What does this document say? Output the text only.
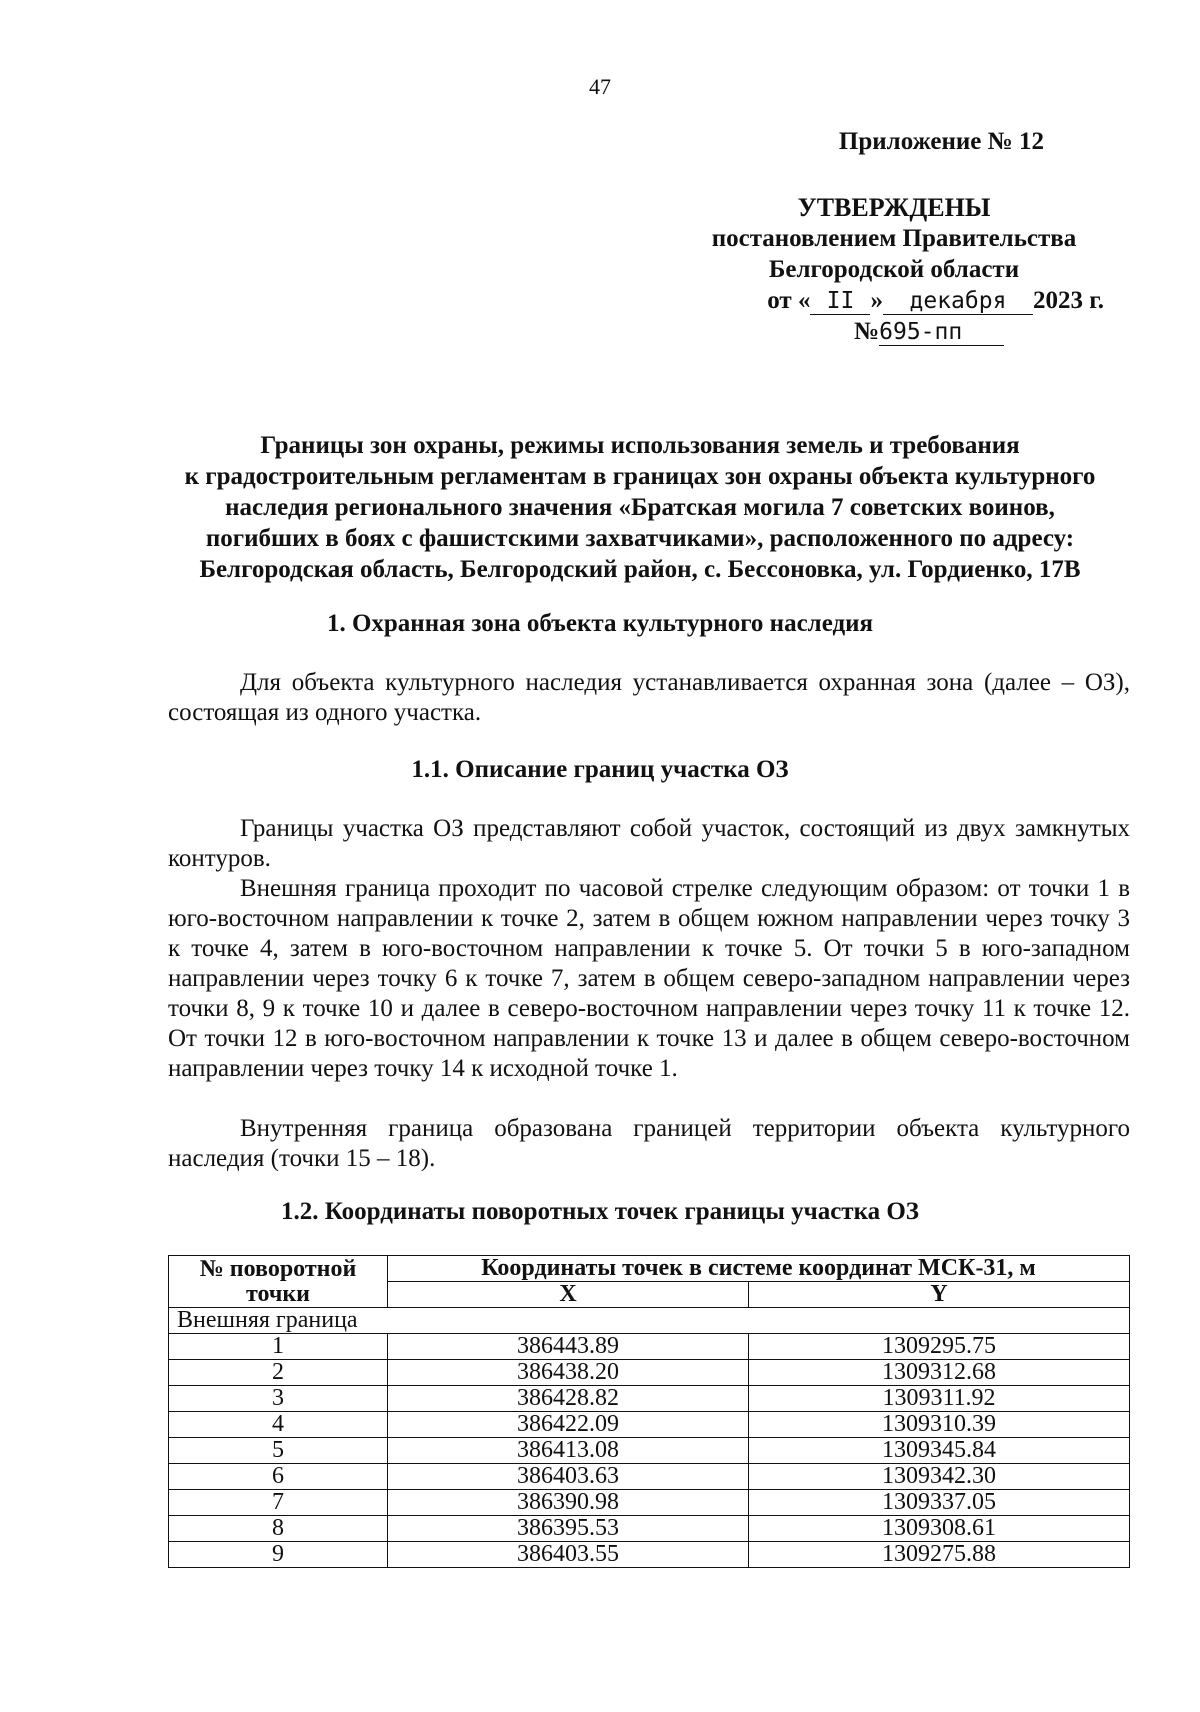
47
Приложение № 12
УТВЕРЖДЕНЫ
постановлением Правительства
Белгородской области
от « II » декабря 2023 г.
№695-пп
Границы зон охраны, режимы использования земель и требования
к градостроительным регламентам в границах зон охраны объекта культурного
наследия регионального значения «Братская могила 7 советских воинов,
погибших в боях с фашистскими захватчиками», расположенного по адресу:
Белгородская область, Белгородский район, с. Бессоновка, ул. Гордиенко, 17В
1. Охранная зона объекта культурного наследия
Для объекта культурного наследия устанавливается охранная зона (далее – ОЗ), состоящая из одного участка.
1.1. Описание границ участка ОЗ
Границы участка ОЗ представляют собой участок, состоящий из двух замкнутых контуров.
Внешняя граница проходит по часовой стрелке следующим образом: от точки 1 в юго-восточном направлении к точке 2, затем в общем южном направлении через точку 3 к точке 4, затем в юго-восточном направлении к точке 5. От точки 5 в юго-западном направлении через точку 6 к точке 7, затем в общем северо-западном направлении через точки 8, 9 к точке 10 и далее в северо-восточном направлении через точку 11 к точке 12. От точки 12 в юго-восточном направлении к точке 13 и далее в общем северо-восточном направлении через точку 14 к исходной точке 1.
Внутренняя граница образована границей территории объекта культурного наследия (точки 15 – 18).
1.2. Координаты поворотных точек границы участка ОЗ
№ поворотной точки	Координаты точек в системе координат МСК-31, м	
	X	Y
Внешняя граница		
1	386443.89	1309295.75
2	386438.20	1309312.68
3	386428.82	1309311.92
4	386422.09	1309310.39
5	386413.08	1309345.84
6	386403.63	1309342.30
7	386390.98	1309337.05
8	386395.53	1309308.61
9	386403.55	1309275.88
